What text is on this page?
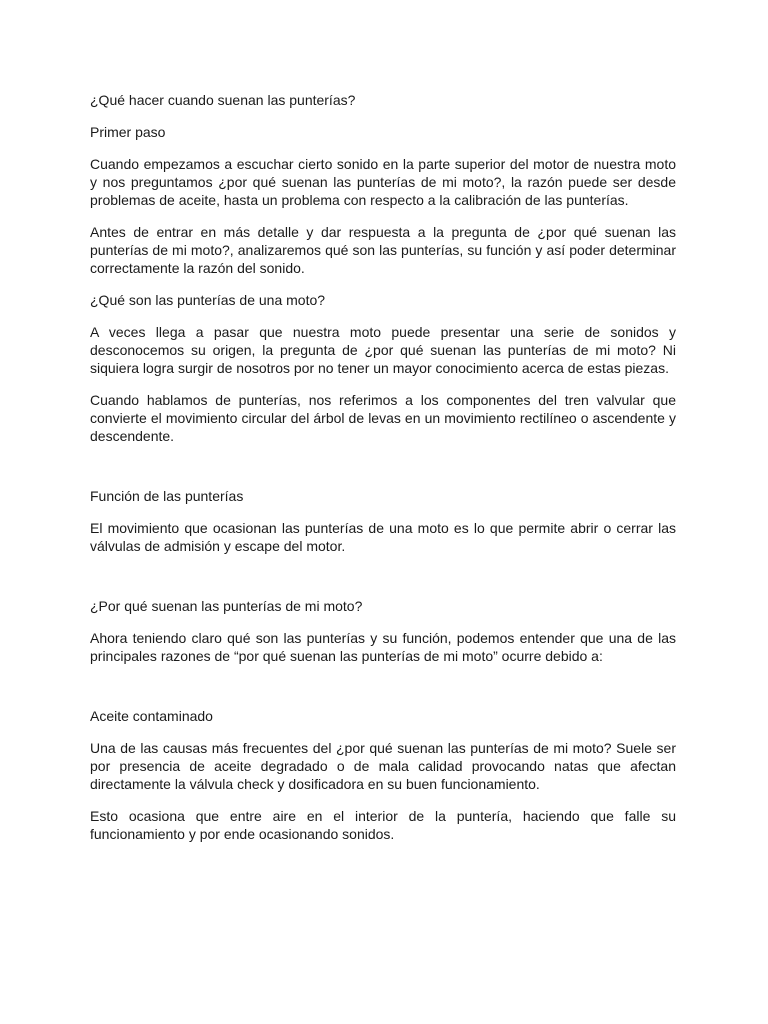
¿Qué hacer cuando suenan las punterías?

Primer paso

Cuando empezamos a escuchar cierto sonido en la parte superior del motor de nuestra moto y nos preguntamos ¿por qué suenan las punterías de mi moto?, la razón puede ser desde problemas de aceite, hasta un problema con respecto a la calibración de las punterías.

Antes de entrar en más detalle y dar respuesta a la pregunta de ¿por qué suenan las punterías de mi moto?, analizaremos qué son las punterías, su función y así poder determinar correctamente la razón del sonido.

¿Qué son las punterías de una moto?

A veces llega a pasar que nuestra moto puede presentar una serie de sonidos y desconocemos su origen, la pregunta de ¿por qué suenan las punterías de mi moto? Ni siquiera logra surgir de nosotros por no tener un mayor conocimiento acerca de estas piezas.

Cuando hablamos de punterías, nos referimos a los componentes del tren valvular que convierte el movimiento circular del árbol de levas en un movimiento rectilíneo o ascendente y descendente.

Función de las punterías

El movimiento que ocasionan las punterías de una moto es lo que permite abrir o cerrar las válvulas de admisión y escape del motor.

¿Por qué suenan las punterías de mi moto?

Ahora teniendo claro qué son las punterías y su función, podemos entender que una de las principales razones de “por qué suenan las punterías de mi moto” ocurre debido a:

Aceite contaminado

Una de las causas más frecuentes del ¿por qué suenan las punterías de mi moto? Suele ser por presencia de aceite degradado o de mala calidad provocando natas que afectan directamente la válvula check y dosificadora en su buen funcionamiento.

Esto ocasiona que entre aire en el interior de la puntería, haciendo que falle su funcionamiento y por ende ocasionando sonidos.
